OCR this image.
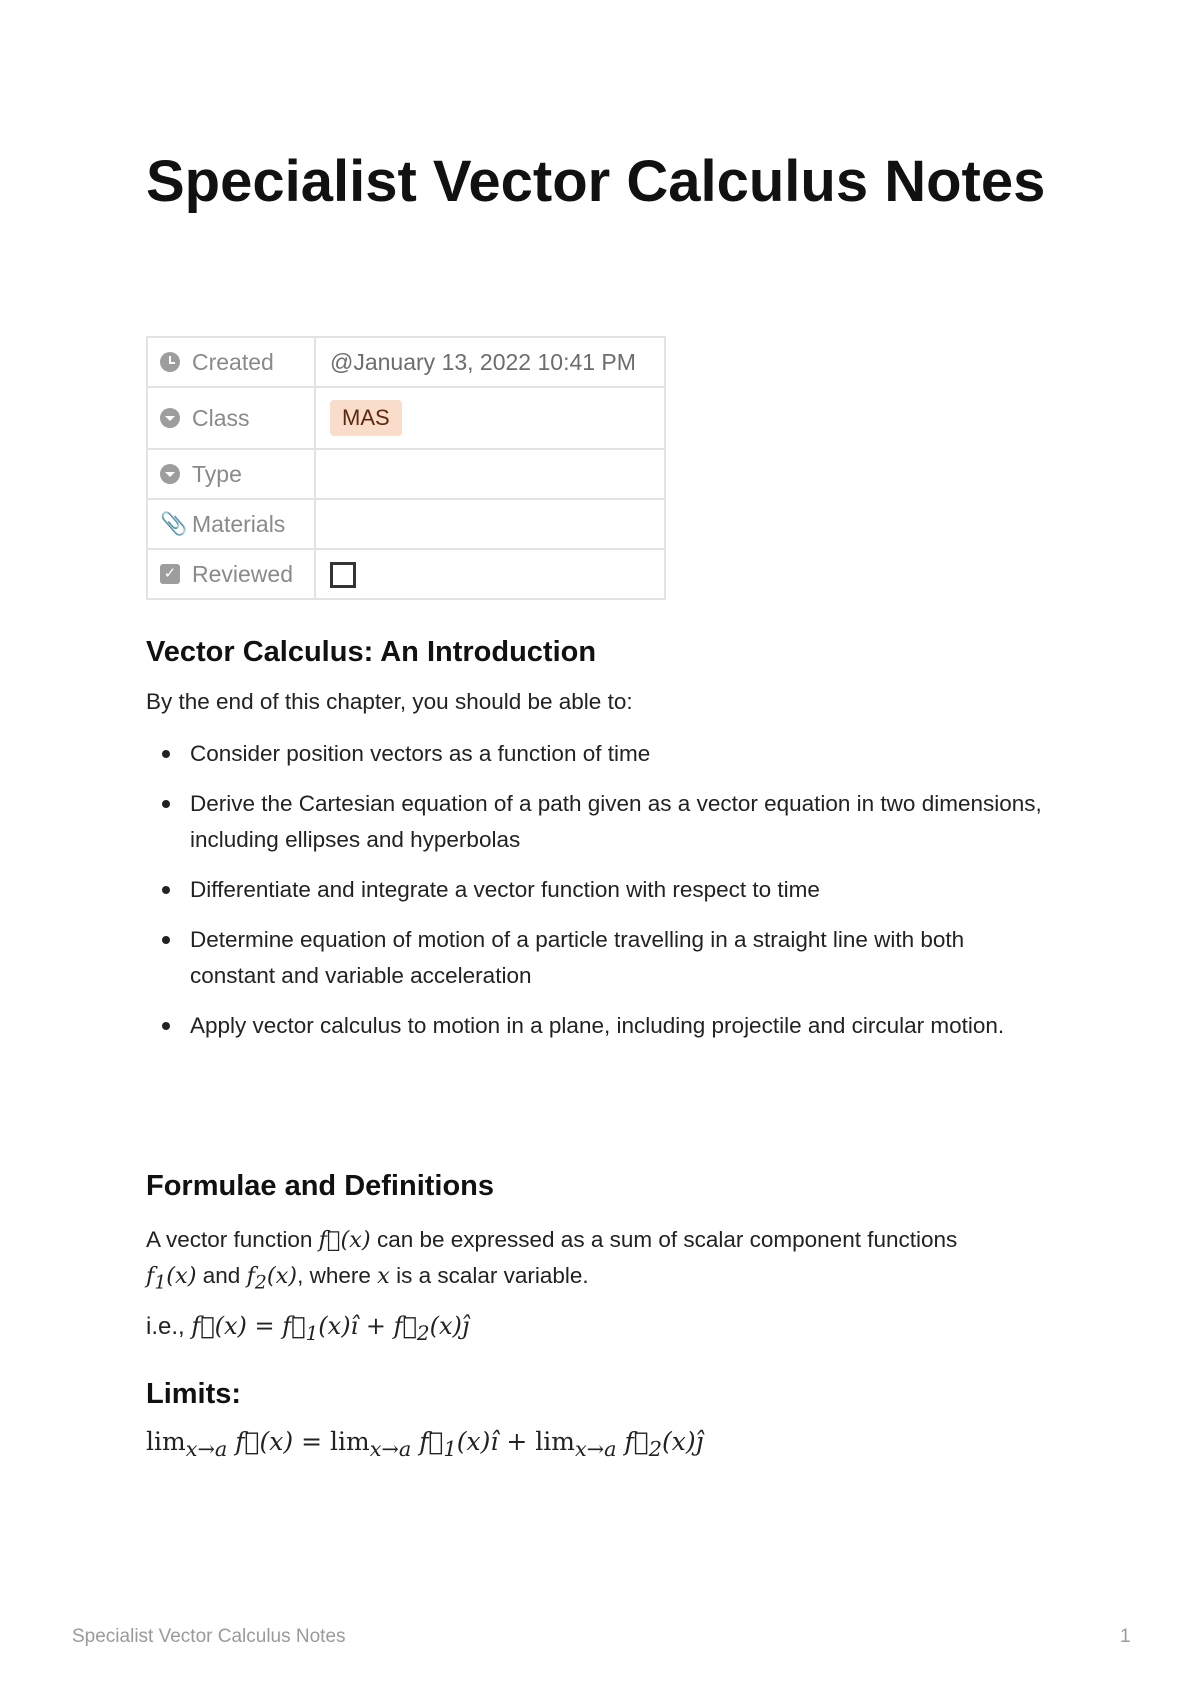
Specialist Vector Calculus Notes
Created	@January 13, 2022 10:41 PM

Class	MAS

Type	

📎 Materials	

✓ Reviewed	

Vector Calculus: An Introduction

By the end of this chapter, you should be able to:

Consider position vectors as a function of time
Derive the Cartesian equation of a path given as a vector equation in two dimensions, including ellipses and hyperbolas
Differentiate and integrate a vector function with respect to time
Determine equation of motion of a particle travelling in a straight line with both constant and variable acceleration
Apply vector calculus to motion in a plane, including projectile and circular motion.
Formulae and Definitions

A vector function f⃗(x) can be expressed as a sum of scalar component functions

$f_1(x)$ and $f_2(x)$, where x is a scalar variable.

i.e., f⃗(x) = $f⃗_1(x)î$ + $f⃗_2(x)ĵ$

Limits:

$\lim_{x\to a}$ f⃗(x) = $\lim_{x\to a}$ $f⃗_1(x)î + \lim_{x\to a}$ $f⃗_2(x)ĵ$

Specialist Vector Calculus Notes	1
